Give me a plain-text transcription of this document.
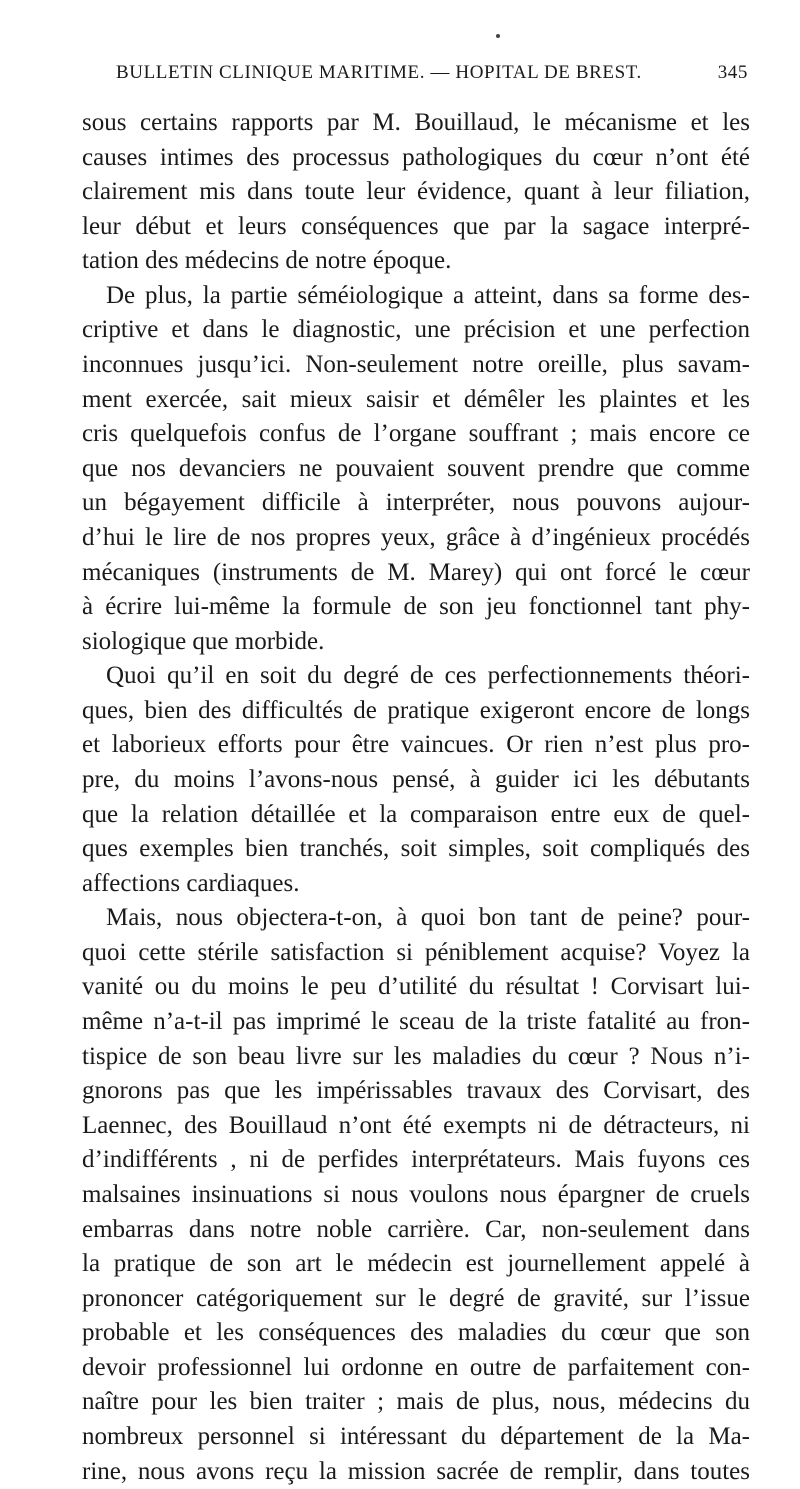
BULLETIN CLINIQUE MARITIME. — HOPITAL DE BREST.	345
sous certains rapports par M. Bouillaud, le mécanisme et les
causes intimes des processus pathologiques du cœur n’ont été
clairement mis dans toute leur évidence, quant à leur filiation,
leur début et leurs conséquences que par la sagace interpré-
tation des médecins de notre époque.
De plus, la partie séméiologique a atteint, dans sa forme des-
criptive et dans le diagnostic, une précision et une perfection
inconnues jusqu’ici. Non-seulement notre oreille, plus savam-
ment exercée, sait mieux saisir et démêler les plaintes et les
cris quelquefois confus de l’organe souffrant ; mais encore ce
que nos devanciers ne pouvaient souvent prendre que comme
un bégayement difficile à interpréter, nous pouvons aujour-
d’hui le lire de nos propres yeux, grâce à d’ingénieux procédés
mécaniques (instruments de M. Marey) qui ont forcé le cœur
à écrire lui-même la formule de son jeu fonctionnel tant phy-
siologique que morbide.
Quoi qu’il en soit du degré de ces perfectionnements théori-
ques, bien des difficultés de pratique exigeront encore de longs
et laborieux efforts pour être vaincues. Or rien n’est plus pro-
pre, du moins l’avons-nous pensé, à guider ici les débutants
que la relation détaillée et la comparaison entre eux de quel-
ques exemples bien tranchés, soit simples, soit compliqués des
affections cardiaques.
Mais, nous objectera-t-on, à quoi bon tant de peine? pour-
quoi cette stérile satisfaction si péniblement acquise? Voyez la
vanité ou du moins le peu d’utilité du résultat ! Corvisart lui-
même n’a-t-il pas imprimé le sceau de la triste fatalité au fron-
tispice de son beau livre sur les maladies du cœur ? Nous n’i-
gnorons pas que les impérissables travaux des Corvisart, des
Laennec, des Bouillaud n’ont été exempts ni de détracteurs, ni
d’indifférents , ni de perfides interprétateurs. Mais fuyons ces
malsaines insinuations si nous voulons nous épargner de cruels
embarras dans notre noble carrière. Car, non-seulement dans
la pratique de son art le médecin est journellement appelé à
prononcer catégoriquement sur le degré de gravité, sur l’issue
probable et les conséquences des maladies du cœur que son
devoir professionnel lui ordonne en outre de parfaitement con-
naître pour les bien traiter ; mais de plus, nous, médecins du
nombreux personnel si intéressant du département de la Ma-
rine, nous avons reçu la mission sacrée de remplir, dans toutes
